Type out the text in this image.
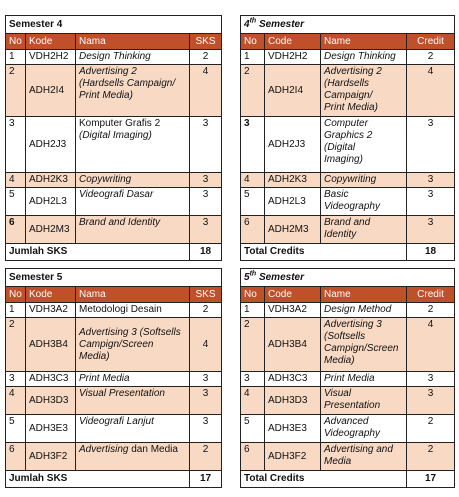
Semester 4			
No	Kode	Nama	SKS
1	VDH2H2	Design Thinking	2
2	ADH2I4	Advertising 2
(Hardsells Campaign/
Print Media)	4
3	ADH2J3	Komputer Grafis 2
(Digital Imaging)	3
4	ADH2K3	Copywriting	3
5	ADH2L3	Videografi Dasar	3
6	ADH2M3	Brand and Identity	3
Jumlah SKS			18
4th Semester			
No	Code	Name	Credit
1	VDH2H2	Design Thinking	2
2	ADH2I4	Advertising 2
(Hardsells
Campaign/
Print Media)	4
3	ADH2J3	Computer
Graphics 2
(Digital
Imaging)	3
4	ADH2K3	Copywriting	3
5	ADH2L3	Basic
Videography	3
6	ADH2M3	Brand and
Identity	3
Total Credits			18
Semester 5			
No	Kode	Nama	SKS
1	VDH3A2	Metodologi Desain	2
2	ADH3B4	Advertising 3 (Softsells
Campign/Screen
Media)	4
3	ADH3C3	Print Media	3
4	ADH3D3	Visual Presentation	3
5	ADH3E3	Videografi Lanjut	3
6	ADH3F2	Advertising dan Media	2
Jumlah SKS			17
5th Semester			
No	Code	Name	Credit
1	VDH3A2	Design Method	2
2	ADH3B4	Advertising 3
(Softsells
Campign/Screen
Media)	4
3	ADH3C3	Print Media	3
4	ADH3D3	Visual
Presentation	3
5	ADH3E3	Advanced
Videography	2
6	ADH3F2	Advertising and
Media	2
Total Credits			17
